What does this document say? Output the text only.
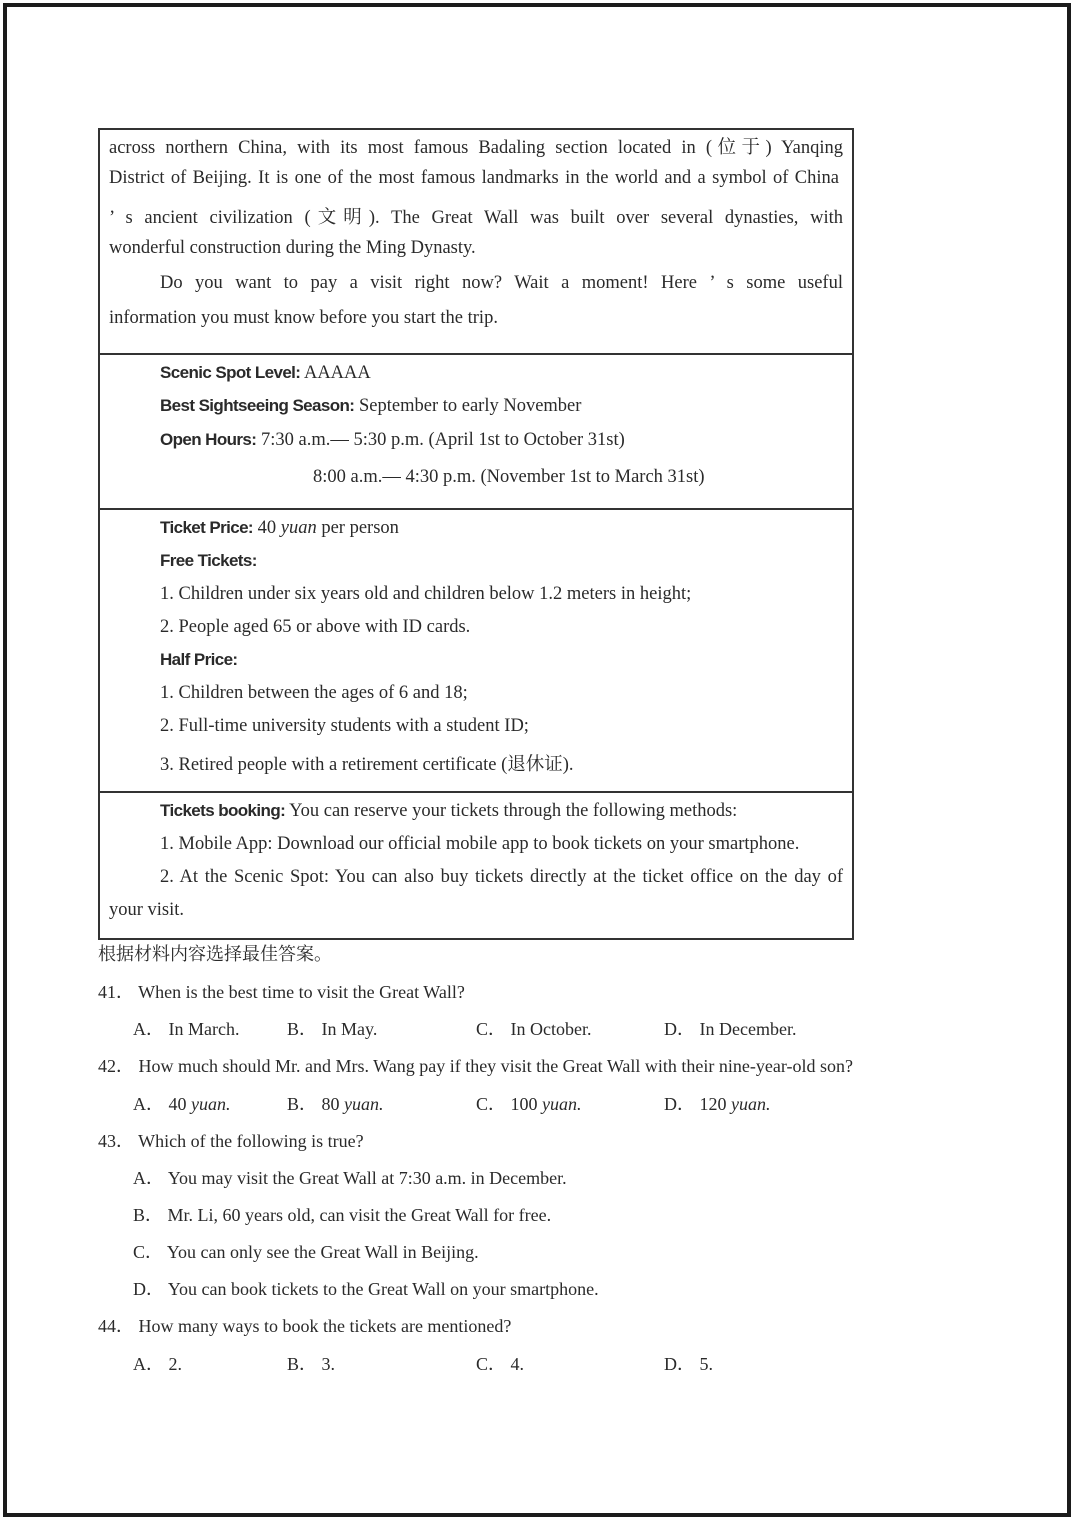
across northern China, with its most famous Badaling section located in (位于) Yanqing
District of Beijing. It is one of the most famous landmarks in the world and a symbol of China
’ s ancient civilization (文明). The Great Wall was built over several dynasties, with
wonderful construction during the Ming Dynasty.
Do you want to pay a visit right now? Wait a moment! Here ’ s some useful
information you must know before you start the trip.
Scenic Spot Level: AAAAA
Best Sightseeing Season: September to early November
Open Hours: 7:30 a.m.— 5:30 p.m. (April 1st to October 31st)
8:00 a.m.— 4:30 p.m. (November 1st to March 31st)
Ticket Price: 40 yuan per person
Free Tickets:
1. Children under six years old and children below 1.2 meters in height;
2. People aged 65 or above with ID cards.
Half Price:
1. Children between the ages of 6 and 18;
2. Full-time university students with a student ID;
3. Retired people with a retirement certificate (退休证).
Tickets booking: You can reserve your tickets through the following methods:
1. Mobile App: Download our official mobile app to book tickets on your smartphone.
2. At the Scenic Spot: You can also buy tickets directly at the ticket office on the day of
your visit.
根据材料内容选择最佳答案。
41． When is the best time to visit the Great Wall?
A． In March.	B． In May.	C． In October.	D． In December.
42． How much should Mr. and Mrs. Wang pay if they visit the Great Wall with their nine-year-old son?
A． 40 yuan.	B． 80 yuan.	C． 100 yuan.	D． 120 yuan.
43． Which of the following is true?
A． You may visit the Great Wall at 7:30 a.m. in December.
B． Mr. Li, 60 years old, can visit the Great Wall for free.
C． You can only see the Great Wall in Beijing.
D． You can book tickets to the Great Wall on your smartphone.
44． How many ways to book the tickets are mentioned?
A． 2.	B． 3.	C． 4.	D． 5.
